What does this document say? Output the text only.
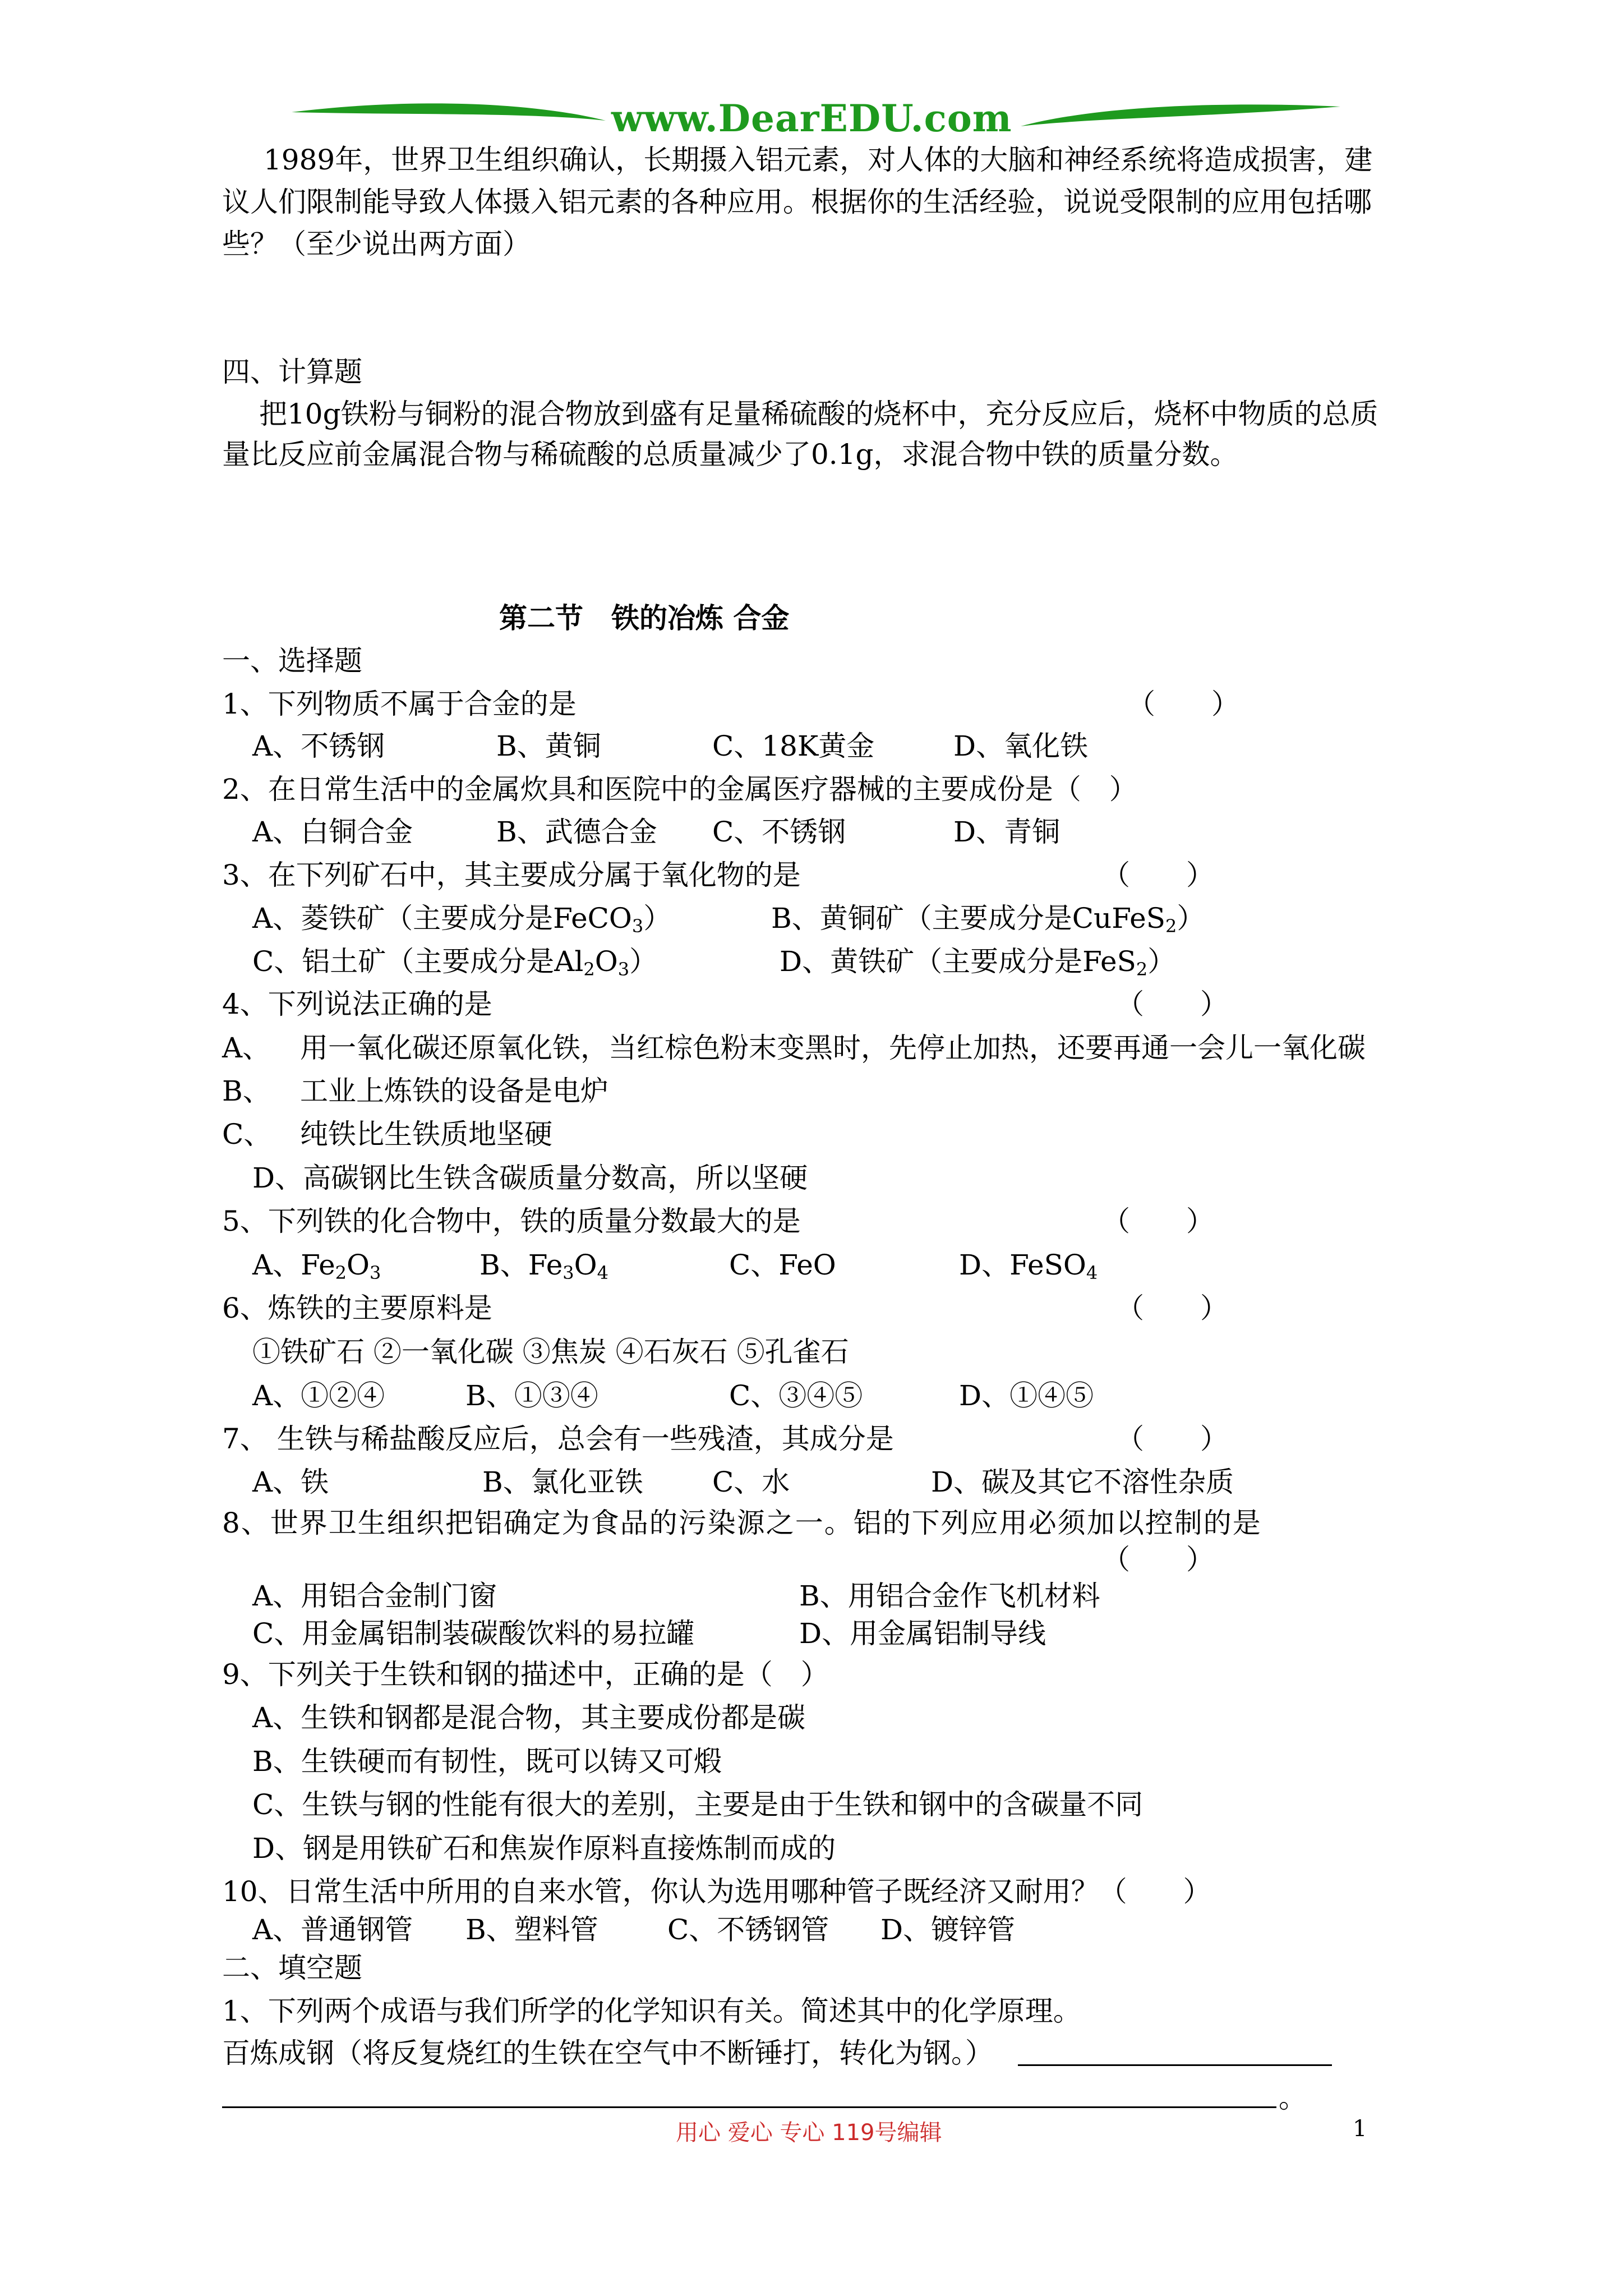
www.DearEDU.com
1989年，世界卫生组织确认，长期摄入铝元素，对人体的大脑和神经系统将造成损害，建
议人们限制能导致人体摄入铝元素的各种应用。根据你的生活经验，说说受限制的应用包括哪
些？（至少说出两方面）
四、计算题
把10g铁粉与铜粉的混合物放到盛有足量稀硫酸的烧杯中，充分反应后，烧杯中物质的总质
量比反应前金属混合物与稀硫酸的总质量减少了0.1g，求混合物中铁的质量分数。
第二节　铁的冶炼 合金
一、选择题
1、下列物质不属于合金的是	（　　）
A、不锈钢	B、黄铜	C、18K黄金	D、氧化铁
2、在日常生活中的金属炊具和医院中的金属医疗器械的主要成份是（　）
A、白铜合金	B、武德合金 C、不锈钢	D、青铜
3、在下列矿石中，其主要成分属于氧化物的是	（　　）
A、菱铁矿（主要成分是FeCO$_3$）	B、黄铜矿（主要成分是CuFeS$_2$）
C、铝土矿（主要成分是$Al_2O_3$）	D、黄铁矿（主要成分是FeS$_2$）
4、下列说法正确的是	（　　）
A、 用一氧化碳还原氧化铁，当红棕色粉末变黑时，先停止加热，还要再通一会儿一氧化碳
B、 工业上炼铁的设备是电炉
C、 纯铁比生铁质地坚硬
D、高碳钢比生铁含碳质量分数高，所以坚硬
5、下列铁的化合物中，铁的质量分数最大的是	（　　）
A、$Fe_2O_3$	B、$Fe_3O_4$	C、FeO	D、FeSO$_4$
6、炼铁的主要原料是	（　　）
①铁矿石 ②一氧化碳 ③焦炭 ④石灰石 ⑤孔雀石
A、①②④	B、①③④	C、③④⑤	D、①④⑤
7、 生铁与稀盐酸反应后，总会有一些残渣，其成分是	（　　）
A、铁	B、氯化亚铁 C、水	D、碳及其它不溶性杂质
8、世界卫生组织把铝确定为食品的污染源之一。铝的下列应用必须加以控制的是
（　　）
A、用铝合金制门窗	B、用铝合金作飞机材料
C、用金属铝制装碳酸饮料的易拉罐	D、用金属铝制导线
9、下列关于生铁和钢的描述中，正确的是（　）
A、生铁和钢都是混合物，其主要成份都是碳
B、生铁硬而有韧性，既可以铸又可煅
C、生铁与钢的性能有很大的差别，主要是由于生铁和钢中的含碳量不同
D、钢是用铁矿石和焦炭作原料直接炼制而成的
10、日常生活中所用的自来水管，你认为选用哪种管子既经济又耐用？（　　）
A、普通钢管 B、塑料管 C、不锈钢管 D、镀锌管
二、填空题
1、下列两个成语与我们所学的化学知识有关。简述其中的化学原理。
百炼成钢（将反复烧红的生铁在空气中不断锤打，转化为钢。）
。
用心 爱心 专心 119号编辑	1
